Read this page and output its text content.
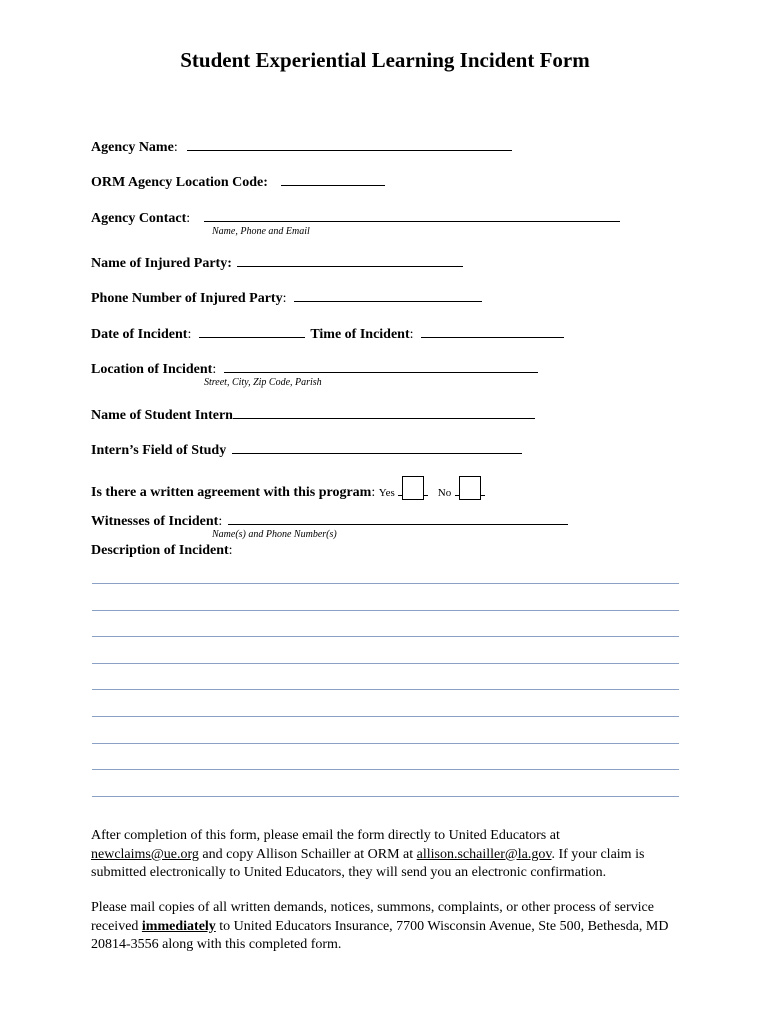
Student Experiential Learning Incident Form
Agency Name:
ORM Agency Location Code:
Agency Contact:
Name, Phone and Email
Name of Injured Party:
Phone Number of Injured Party:
Date of Incident:	Time of Incident:
Location of Incident:
Street, City, Zip Code, Parish
Name of Student Intern
Intern’s Field of Study
Is there a written agreement with this program: Yes	No
Witnesses of Incident:
Name(s) and Phone Number(s)
Description of Incident:
After completion of this form, please email the form directly to United Educators at
newclaims@ue.org and copy Allison Schailler at ORM at allison.schailler@la.gov. If your claim is submitted electronically to United Educators, they will send you an electronic confirmation.
Please mail copies of all written demands, notices, summons, complaints, or other process of service received immediately to United Educators Insurance, 7700 Wisconsin Avenue, Ste 500, Bethesda, MD 20814-3556 along with this completed form.
